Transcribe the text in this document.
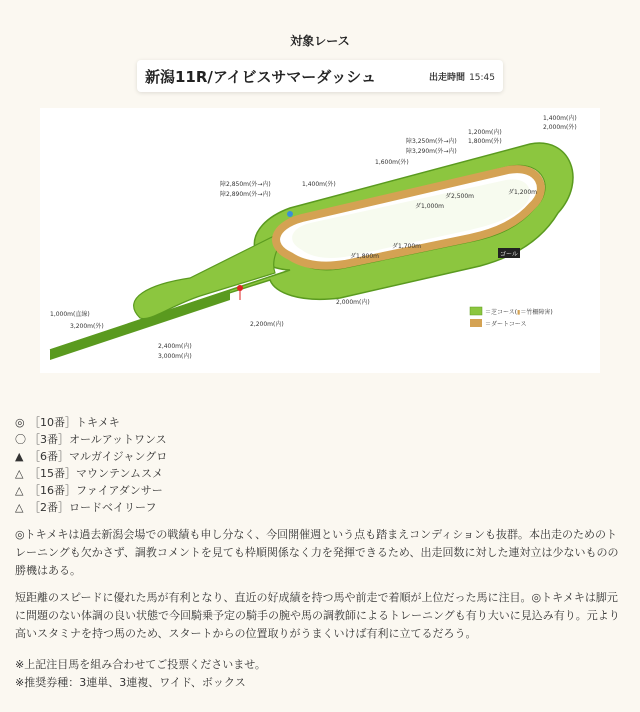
対象レース
新潟11R/アイビスサマーダッシュ	出走時間 15:45
ゴール
1,000m(直線)
3,200m(外)
2,400m(内)
3,000m(内)
2,200m(内)
2,000m(内)
障2,850m(外→内)
障2,890m(外→内)
1,400m(外)
1,600m(外)
障3,250m(外→内)
障3,290m(外→内)
1,200m(内)
1,800m(外)
1,400m(内)
2,000m(外)
ダ1,200m
ダ2,500m
ダ1,000m
ダ1,800m
ダ1,700m
＝芝コース(▮＝竹柵障害)
＝ダートコース
◎ ［10番］トキメキ
〇 ［3番］オールアットワンス
▲ ［6番］マルガイジャングロ
△ ［15番］マウンテンムスメ
△ ［16番］ファイアダンサー
△ ［2番］ロードベイリーフ
◎トキメキは過去新潟会場での戦績も申し分なく、今回開催週という点も踏まえコンディションも抜群。本出走のためのトレーニングも欠かさず、調教コメントを見ても枠順関係なく力を発揮できるため、出走回数に対した連対立は少ないものの勝機はある。
短距離のスピードに優れた馬が有利となり、直近の好成績を持つ馬や前走で着順が上位だった馬に注目。◎トキメキは脚元に問題のない体調の良い状態で今回騎乗予定の騎手の腕や馬の調教師によるトレーニングも有り大いに見込み有り。元より高いスタミナを持つ馬のため、スタートからの位置取りがうまくいけば有利に立てるだろう。
※上記注目馬を組み合わせてご投票くださいませ。
※推奨券種：3連単、3連複、ワイド、ボックス
